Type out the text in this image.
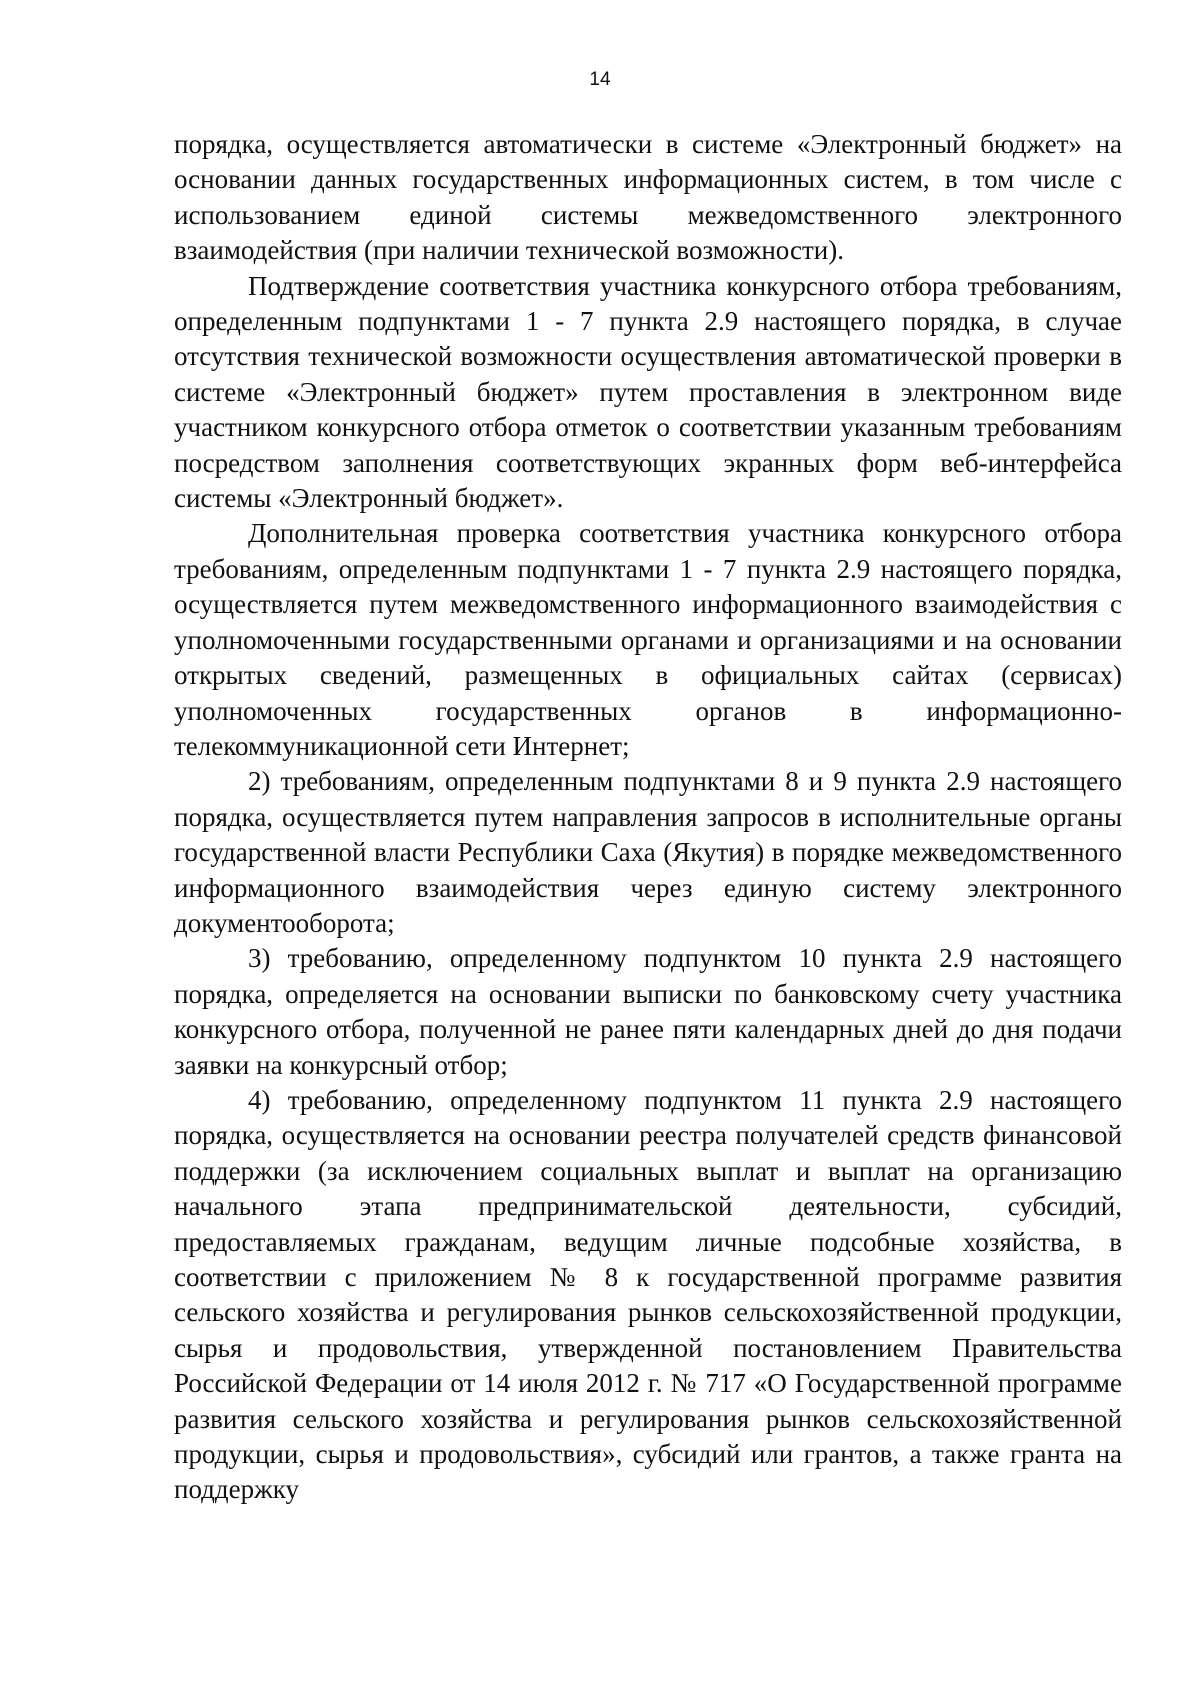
14

порядка, осуществляется автоматически в системе «Электронный бюджет» на основании данных государственных информационных систем, в том числе с использованием единой системы межведомственного электронного взаимодействия (при наличии технической возможности).

Подтверждение соответствия участника конкурсного отбора требованиям, определенным подпунктами 1 - 7 пункта 2.9 настоящего порядка, в случае отсутствия технической возможности осуществления автоматической проверки в системе «Электронный бюджет» путем проставления в электронном виде участником конкурсного отбора отметок о соответствии указанным требованиям посредством заполнения соответствующих экранных форм веб-интерфейса системы «Электронный бюджет».

Дополнительная проверка соответствия участника конкурсного отбора требованиям, определенным подпунктами 1 - 7 пункта 2.9 настоящего порядка, осуществляется путем межведомственного информационного взаимодействия с уполномоченными государственными органами и организациями и на основании открытых сведений, размещенных в официальных сайтах (сервисах) уполномоченных государственных органов в информационно-телекоммуникационной сети Интернет;

2) требованиям, определенным подпунктами 8 и 9 пункта 2.9 настоящего порядка, осуществляется путем направления запросов в исполнительные органы государственной власти Республики Саха (Якутия) в порядке межведомственного информационного взаимодействия через единую систему электронного документооборота;

3) требованию, определенному подпунктом 10 пункта 2.9 настоящего порядка, определяется на основании выписки по банковскому счету участника конкурсного отбора, полученной не ранее пяти календарных дней до дня подачи заявки на конкурсный отбор;

4) требованию, определенному подпунктом 11 пункта 2.9 настоящего порядка, осуществляется на основании реестра получателей средств финансовой поддержки (за исключением социальных выплат и выплат на организацию начального этапа предпринимательской деятельности, субсидий, предоставляемых гражданам, ведущим личные подсобные хозяйства, в соответствии с приложением № 8 к государственной программе развития сельского хозяйства и регулирования рынков сельскохозяйственной продукции, сырья и продовольствия, утвержденной постановлением Правительства Российской Федерации от 14 июля 2012 г. № 717 «О Государственной программе развития сельского хозяйства и регулирования рынков сельскохозяйственной продукции, сырья и продовольствия», субсидий или грантов, а также гранта на поддержку
